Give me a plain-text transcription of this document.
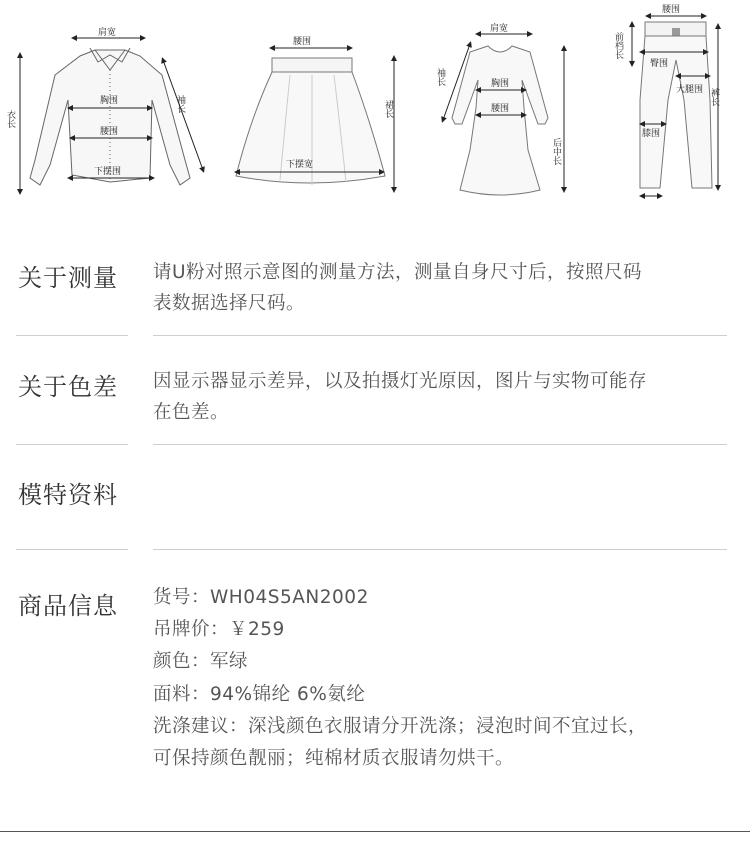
肩宽
胸围
腰围
下摆围
衣长
袖长
腰围
下摆宽
裙长
肩宽
袖长	胸围
腰围
后中长
腰围
前档长
臀围
大腿围
膝围
裤长
关于测量 请U粉对照示意图的测量方法，测量自身尺寸后，按照尺码
表数据选择尺码。
关于色差 因显示器显示差异，以及拍摄灯光原因，图片与实物可能存
在色差。
模特资料
商品信息 货号：WH04S5AN2002
吊牌价：￥259
颜色：军绿
面料：94%锦纶 6%氨纶
洗涤建议：深浅颜色衣服请分开洗涤；浸泡时间不宜过长，
可保持颜色靓丽；纯棉材质衣服请勿烘干。
